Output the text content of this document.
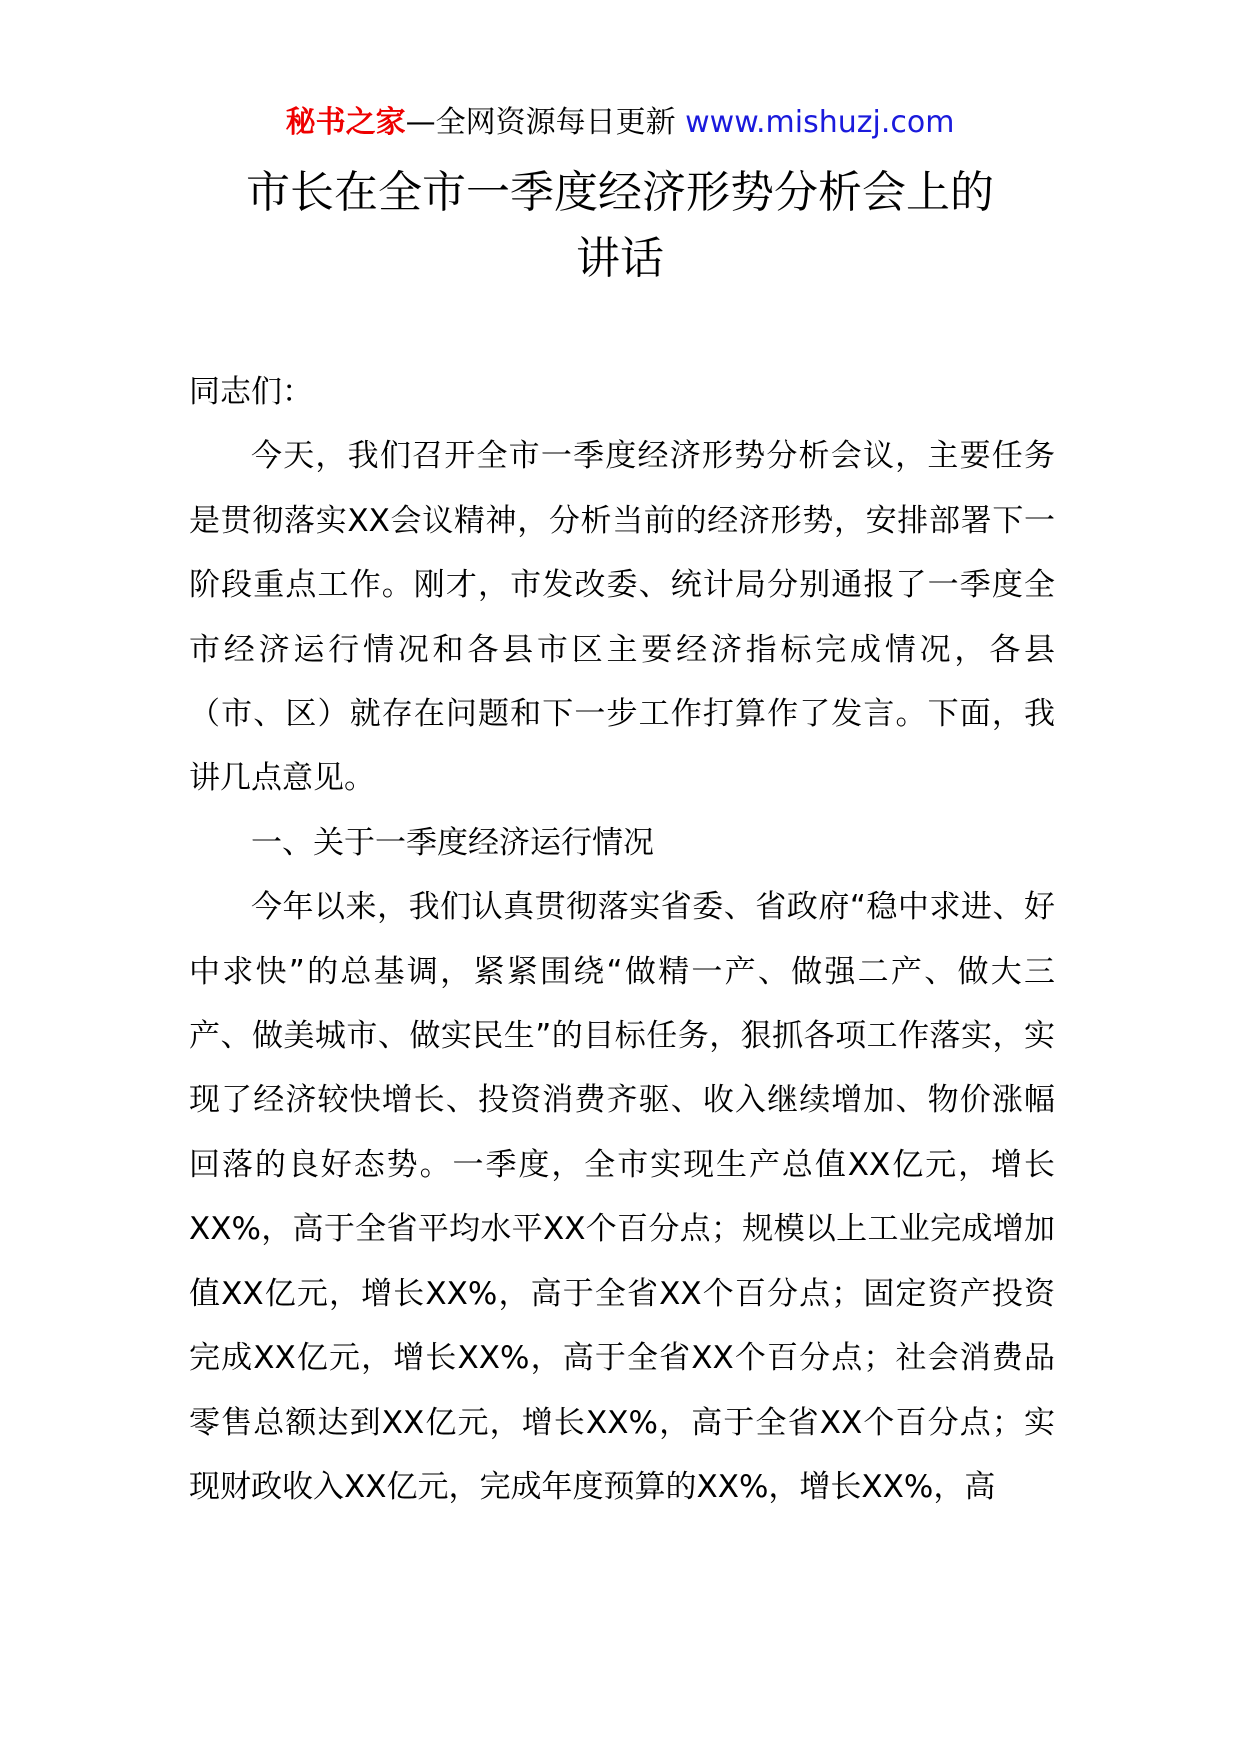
秘书之家—全网资源每日更新 www.mishuzj.com
市长在全市一季度经济形势分析会上的
讲话

同志们：

今天，我们召开全市一季度经济形势分析会议，主要任务是贯彻落实XX会议精神，分析当前的经济形势，安排部署下一阶段重点工作。刚才，市发改委、统计局分别通报了一季度全市经济运行情况和各县市区主要经济指标完成情况，各县（市、区）就存在问题和下一步工作打算作了发言。下面，我讲几点意见。

一、关于一季度经济运行情况

今年以来，我们认真贯彻落实省委、省政府“稳中求进、好中求快”的总基调，紧紧围绕“做精一产、做强二产、做大三产、做美城市、做实民生”的目标任务，狠抓各项工作落实，实现了经济较快增长、投资消费齐驱、收入继续增加、物价涨幅回落的良好态势。一季度，全市实现生产总值XX亿元，增长XX%，高于全省平均水平XX个百分点；规模以上工业完成增加值XX亿元，增长XX%，高于全省XX个百分点；固定资产投资完成XX亿元，增长XX%，高于全省XX个百分点；社会消费品零售总额达到XX亿元，增长XX%，高于全省XX个百分点；实现财政收入XX亿元，完成年度预算的XX%，增长XX%，高
